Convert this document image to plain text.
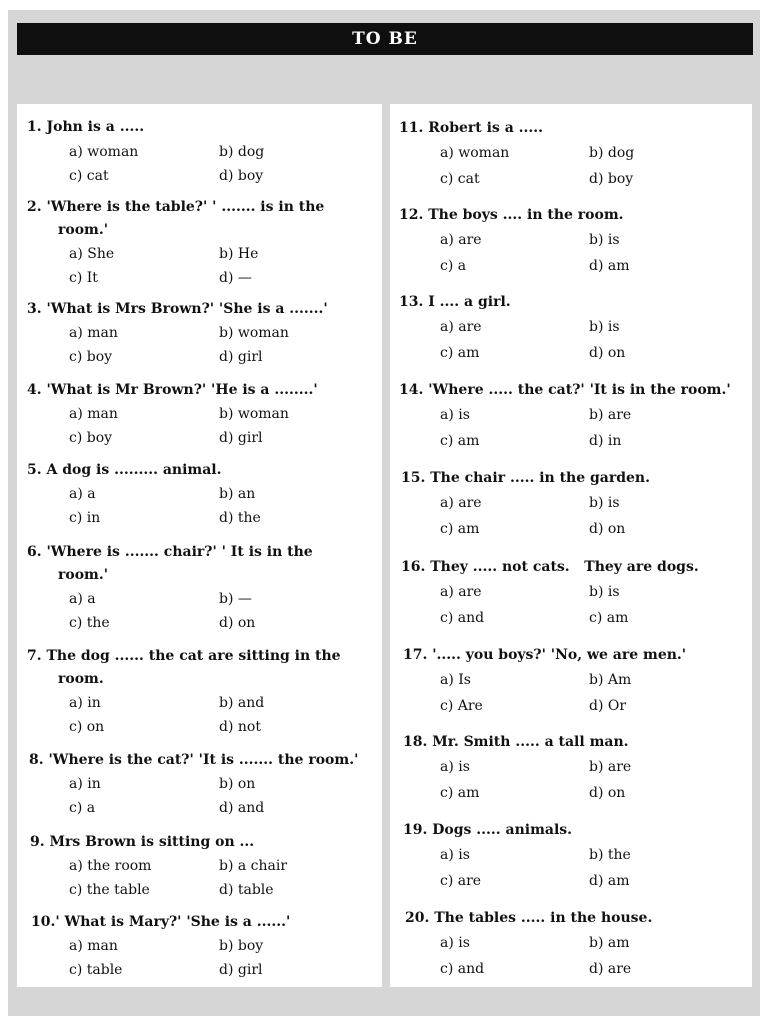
TO BE
1. John is a .....
a) woman	b) dog
c) cat	d) boy
2. 'Where is the table?' ' ....... is in the
room.'
a) She	b) He
c) It	d) —
3. 'What is Mrs Brown?' 'She is a .......'
a) man	b) woman
c) boy	d) girl
4. 'What is Mr Brown?' 'He is a ........'
a) man	b) woman
c) boy	d) girl
5. A dog is ......... animal.
a) a	b) an
c) in	d) the
6. 'Where is ....... chair?' ' It is in the
room.'
a) a	b) —
c) the	d) on
7. The dog ...... the cat are sitting in the
room.
a) in	b) and
c) on	d) not
8. 'Where is the cat?' 'It is ....... the room.'
a) in	b) on
c) a	d) and
9. Mrs Brown is sitting on ...
a) the room	b) a chair
c) the table	d) table
10.' What is Mary?' 'She is a ......'
a) man	b) boy
c) table	d) girl
11. Robert is a .....
a) woman	b) dog
c) cat	d) boy
12. The boys .... in the room.
a) are	b) is
c) a	d) am
13. I .... a girl.
a) are	b) is
c) am	d) on
14. 'Where ..... the cat?' 'It is in the room.'
a) is	b) are
c) am	d) in
15. The chair ..... in the garden.
a) are	b) is
c) am	d) on
16. They ..... not cats.   They are dogs.
a) are	b) is
c) and	c) am
17. '..... you boys?' 'No, we are men.'
a) Is	b) Am
c) Are	d) Or
18. Mr. Smith ..... a tall man.
a) is	b) are
c) am	d) on
19. Dogs ..... animals.
a) is	b) the
c) are	d) am
20. The tables ..... in the house.
a) is	b) am
c) and	d) are
